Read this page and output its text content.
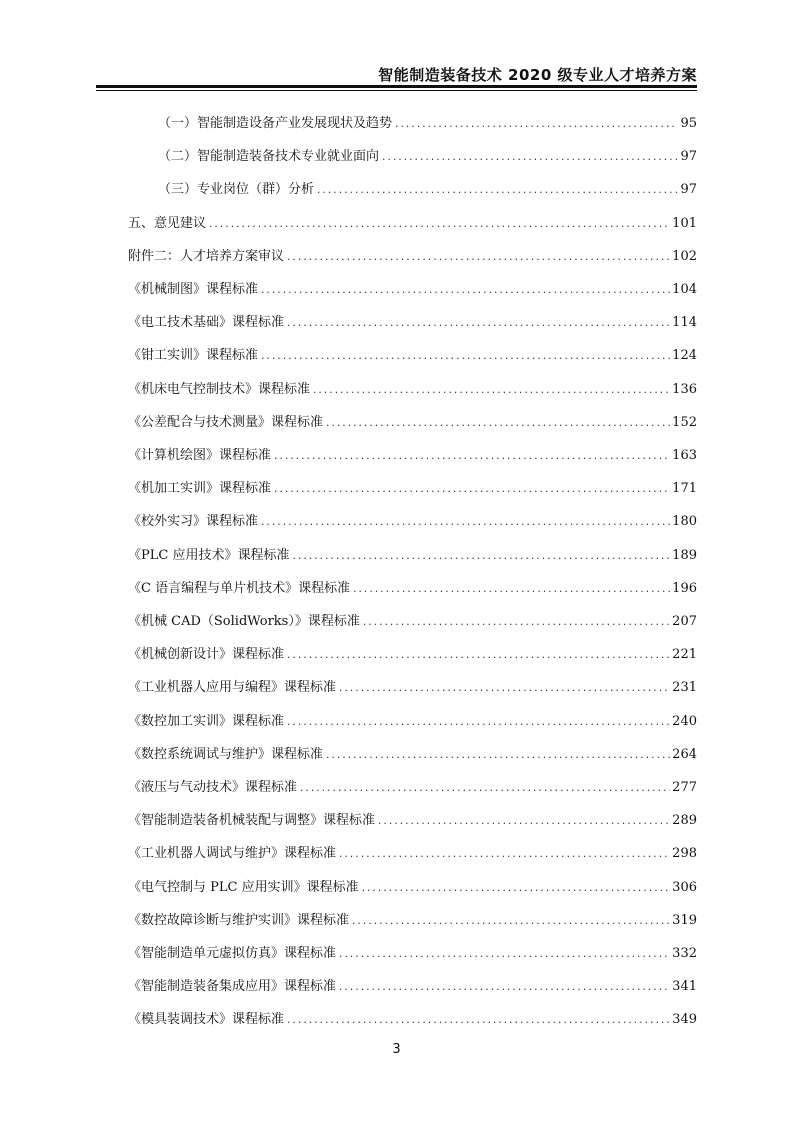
智能制造装备技术 2020 级专业人才培养方案
（一）智能制造设备产业发展现状及趋势 .....	95
（二）智能制造装备技术专业就业面向 .....	97
（三）专业岗位（群）分析 .....	97
五、意见建议 .....	101
附件二：人才培养方案审议 .....	102
《机械制图》课程标准 .....	104
《电工技术基础》课程标准 .....	114
《钳工实训》课程标准 .....	124
《机床电气控制技术》课程标准 .....	136
《公差配合与技术测量》课程标准 .....	152
《计算机绘图》课程标准 .....	163
《机加工实训》课程标准 .....	171
《校外实习》课程标准 .....	180
《PLC 应用技术》课程标准 .....	189
《C 语言编程与单片机技术》课程标准 .....	196
《机械 CAD（SolidWorks）》课程标准 .....	207
《机械创新设计》课程标准 .....	221
《工业机器人应用与编程》课程标准 .....	231
《数控加工实训》课程标准 .....	240
《数控系统调试与维护》课程标准 .....	264
《液压与气动技术》课程标准 .....	277
《智能制造装备机械装配与调整》课程标准 .....	289
《工业机器人调试与维护》课程标准 .....	298
《电气控制与 PLC 应用实训》课程标准 .....	306
《数控故障诊断与维护实训》课程标准 .....	319
《智能制造单元虚拟仿真》课程标准 .....	332
《智能制造装备集成应用》课程标准 .....	341
《模具装调技术》课程标准 .....	349
3
